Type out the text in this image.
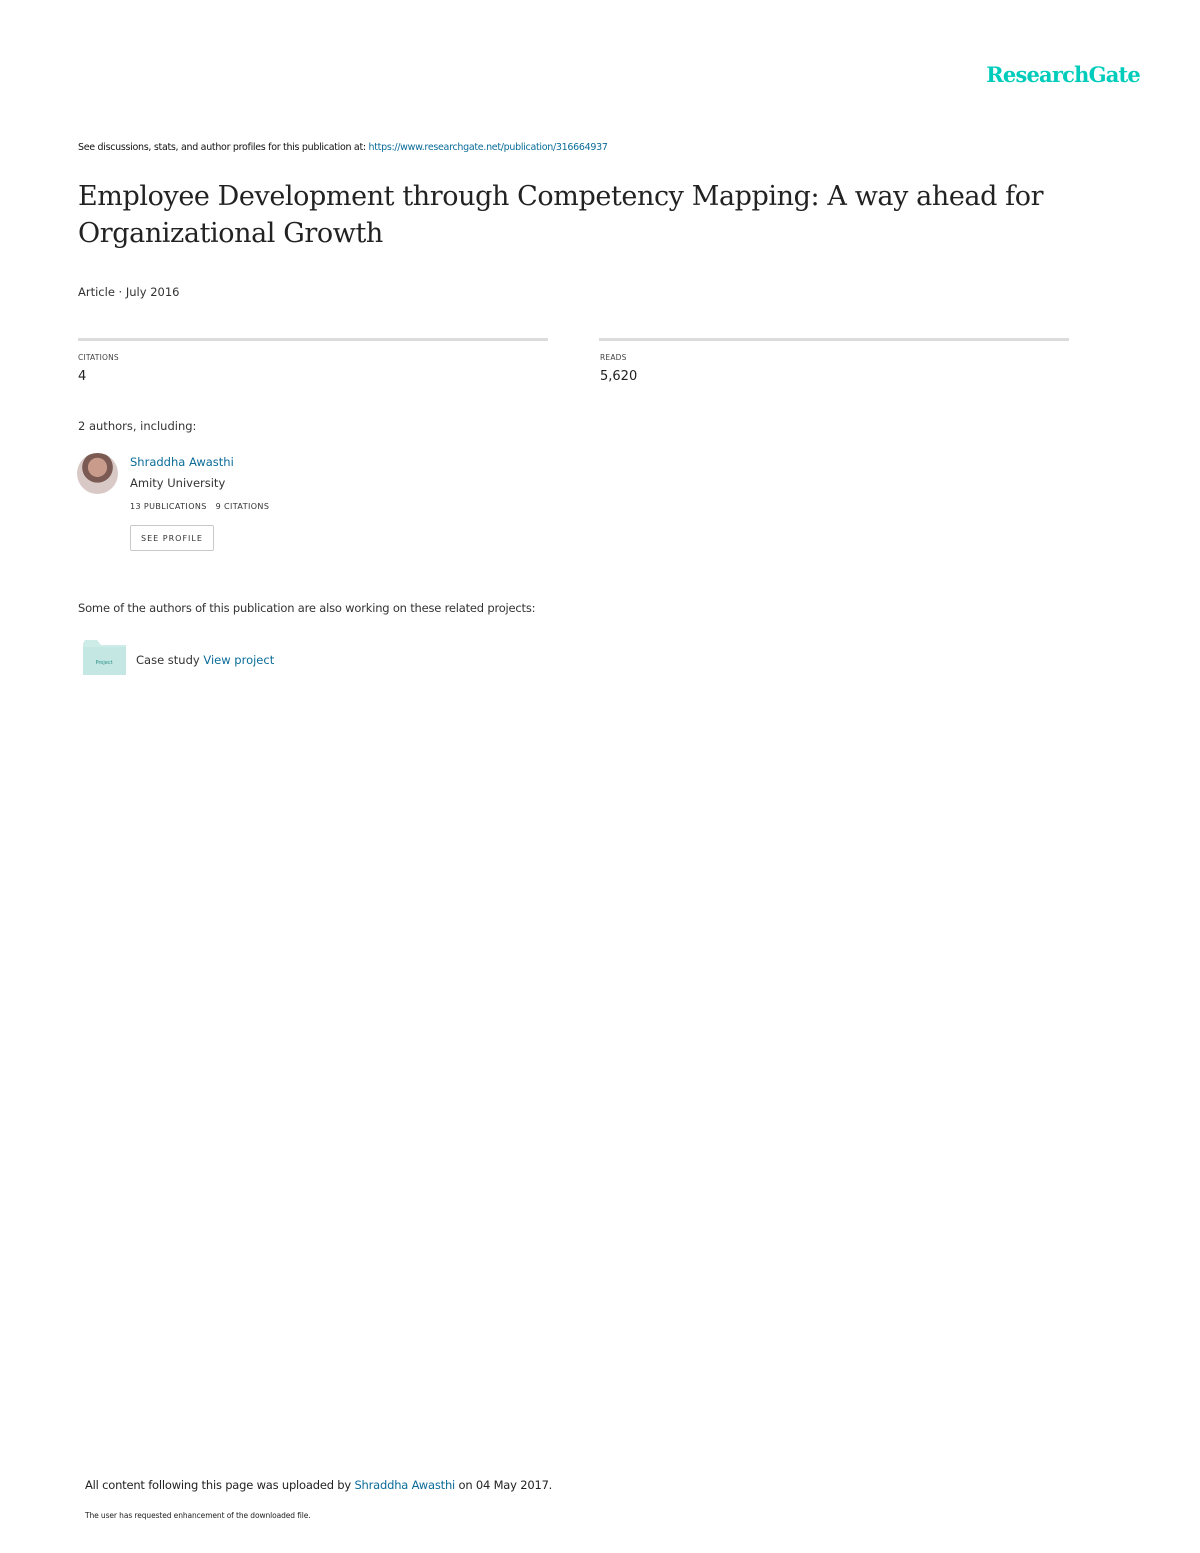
ResearchGate
See discussions, stats, and author profiles for this publication at: https://www.researchgate.net/publication/316664937
Employee Development through Competency Mapping: A way ahead for Organizational Growth
Article · July 2016
CITATIONS
4
READS
5,620
2 authors, including:
Shraddha Awasthi
Amity University
13 PUBLICATIONS 9 CITATIONS
SEE PROFILE
Some of the authors of this publication are also working on these related projects:
Project Case study View project
All content following this page was uploaded by Shraddha Awasthi on 04 May 2017.
The user has requested enhancement of the downloaded file.
